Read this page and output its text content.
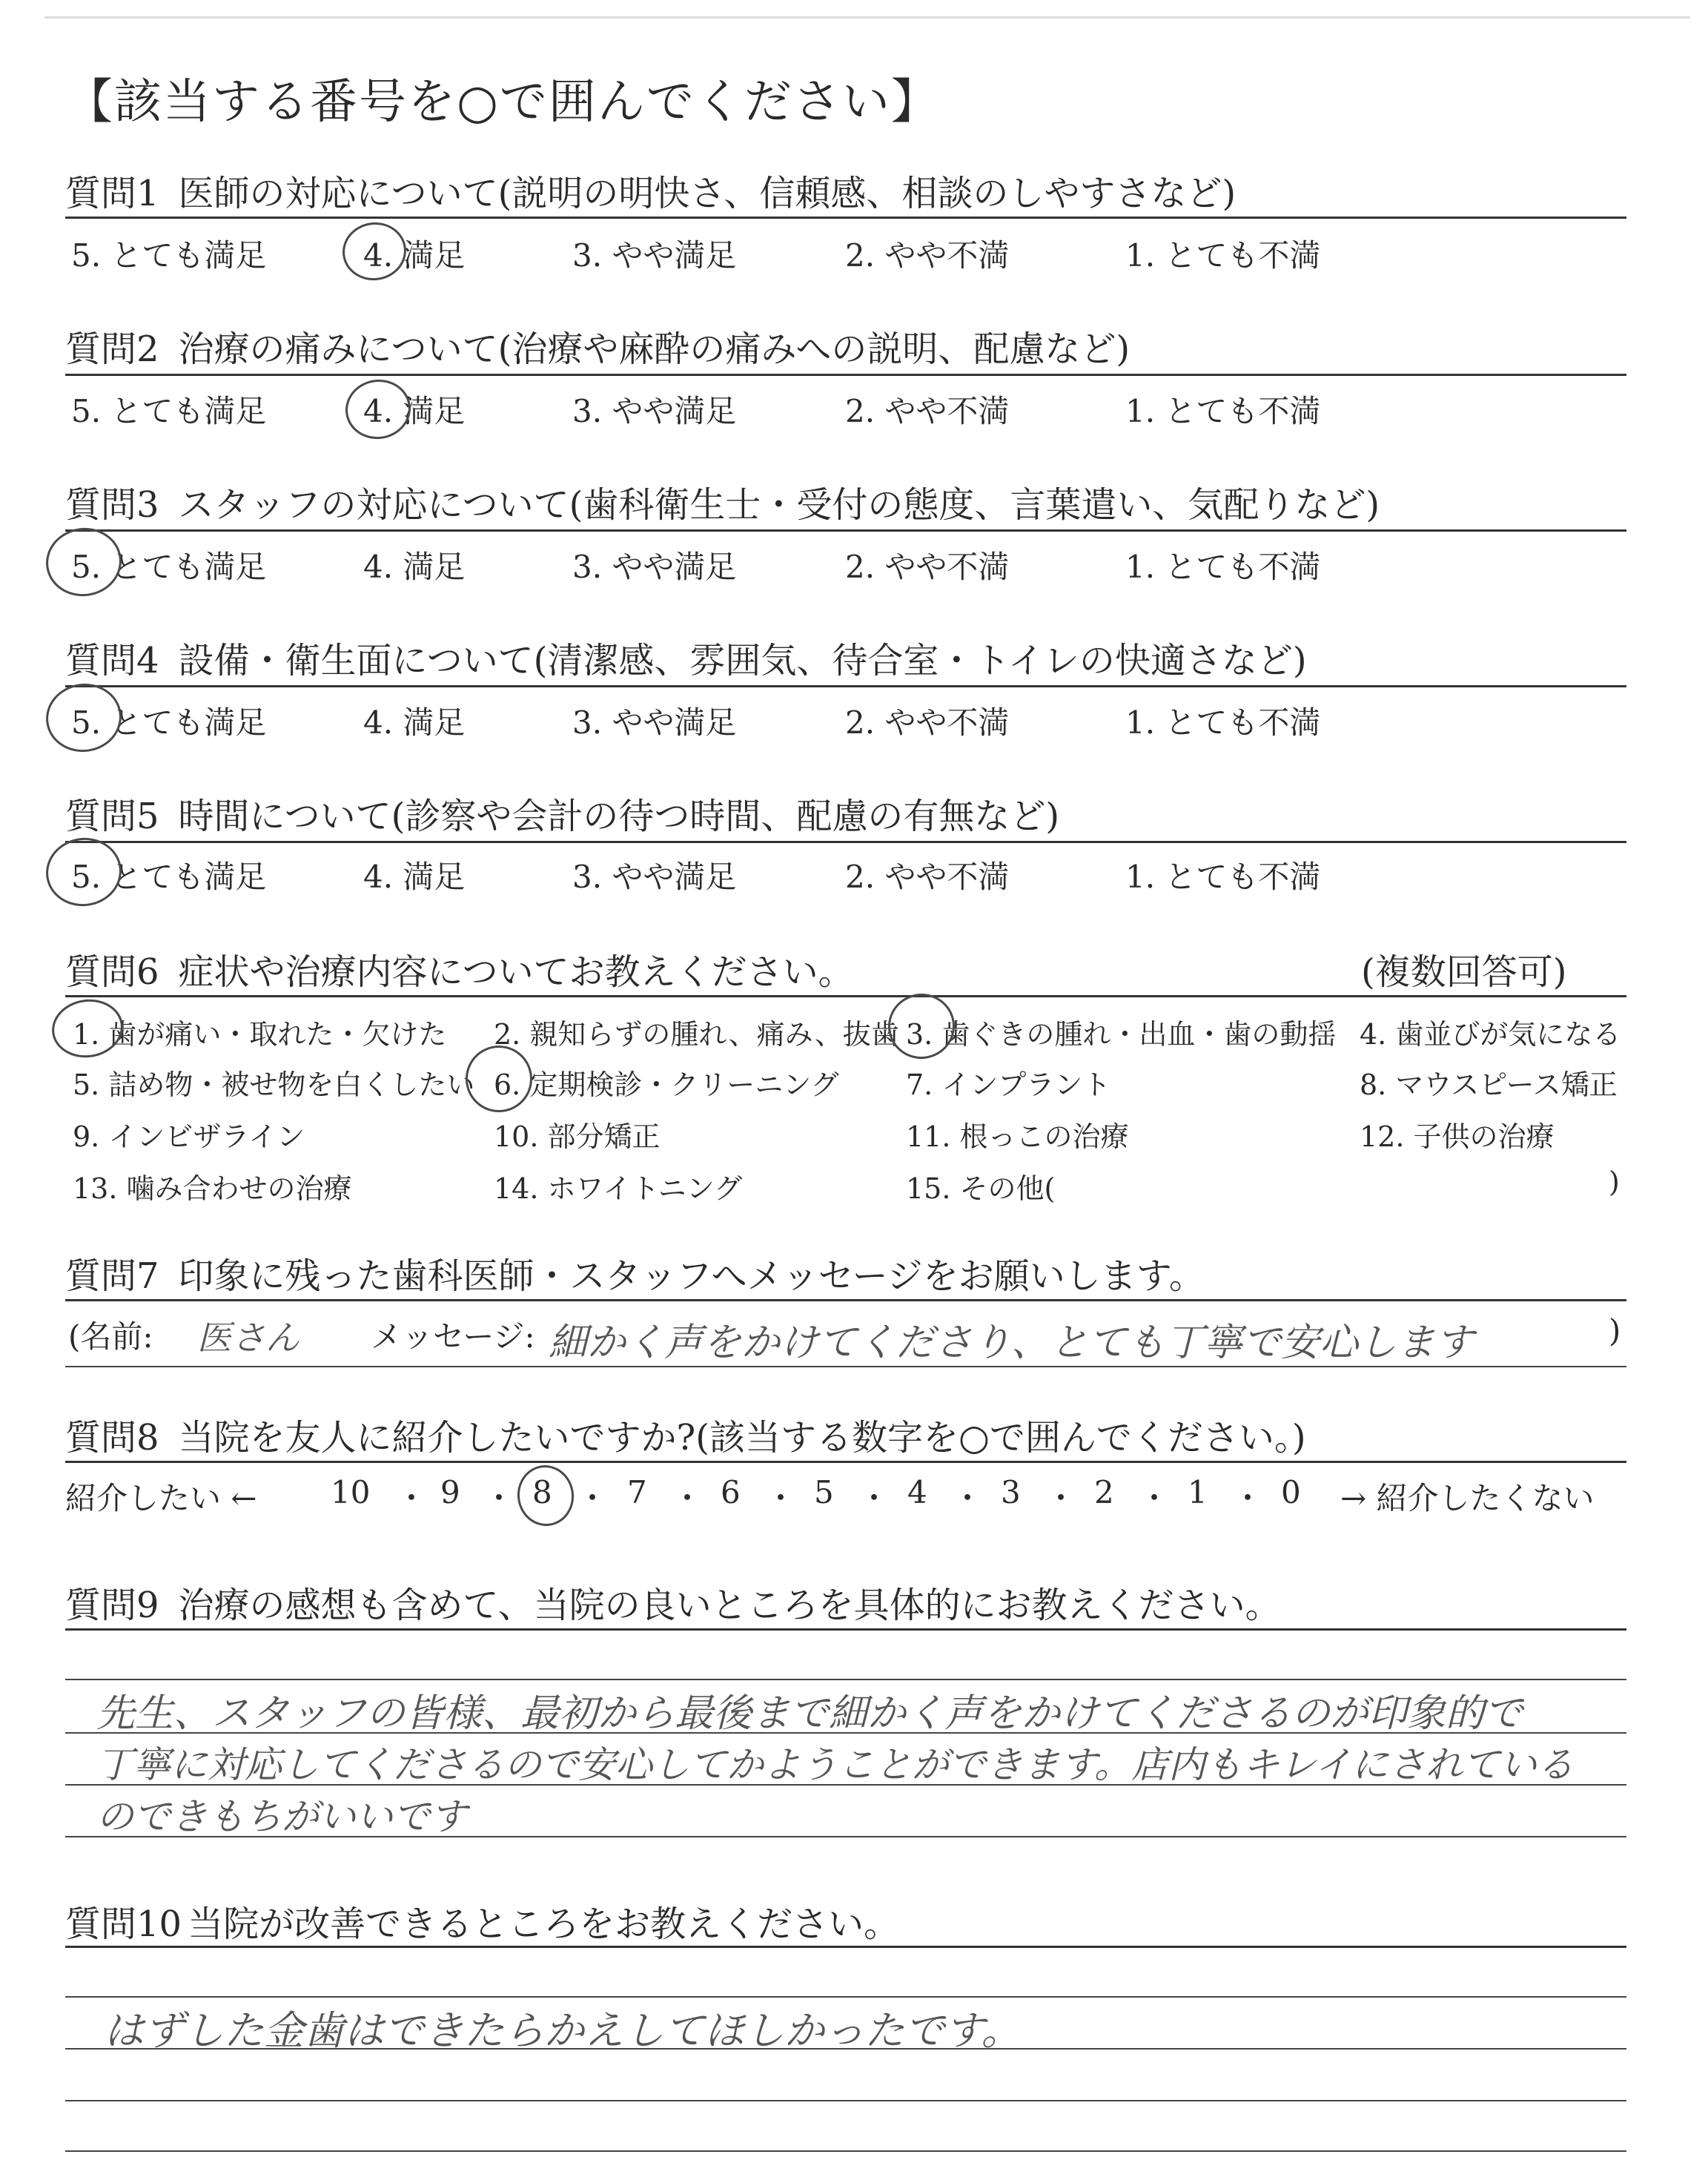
【該当する番号を○で囲んでください】
質問1 医師の対応について(説明の明快さ、信頼感、相談のしやすさなど)
5. とても満足	4. 満足	3. やや満足	2. やや不満	1. とても不満
質問2 治療の痛みについて(治療や麻酔の痛みへの説明、配慮など)
5. とても満足	4. 満足	3. やや満足	2. やや不満	1. とても不満
質問3 スタッフの対応について(歯科衛生士・受付の態度、言葉遣い、気配りなど)
5. とても満足	4. 満足	3. やや満足	2. やや不満	1. とても不満
質問4 設備・衛生面について(清潔感、雰囲気、待合室・トイレの快適さなど)
5. とても満足	4. 満足	3. やや満足	2. やや不満	1. とても不満
質問5 時間について(診察や会計の待つ時間、配慮の有無など)
5. とても満足	4. 満足	3. やや満足	2. やや不満	1. とても不満
質問6 症状や治療内容についてお教えください。	(複数回答可)
1. 歯が痛い・取れた・欠けた 2. 親知らずの腫れ、痛み、抜歯 3. 歯ぐきの腫れ・出血・歯の動揺 4. 歯並びが気になる
5. 詰め物・被せ物を白くしたい 6. 定期検診・クリーニング 7. インプラント	8. マウスピース矯正
9. インビザライン	10. 部分矯正	11. 根っこの治療	12. 子供の治療
13. 噛み合わせの治療	14. ホワイトニング	15. その他(	)
質問7 印象に残った歯科医師・スタッフへメッセージをお願いします。
(名前: 医さん メッセージ: 細かく声をかけてくださり、とても丁寧で安心します	)
質問8 当院を友人に紹介したいですか?(該当する数字を○で囲んでください。)
紹介したい ←	→ 紹介したくない
10 ・ 9 ・ 8 ・ 7 ・ 6 ・ 5 ・ 4 ・ 3 ・ 2 ・ 1 ・ 0
質問9 治療の感想も含めて、当院の良いところを具体的にお教えください。
先生、スタッフの皆様、最初から最後まで細かく声をかけてくださるのが印象的で
丁寧に対応してくださるので安心してかようことができます。店内もキレイにされている
のできもちがいいです
質問10 当院が改善できるところをお教えください。
はずした金歯はできたらかえしてほしかったです。
